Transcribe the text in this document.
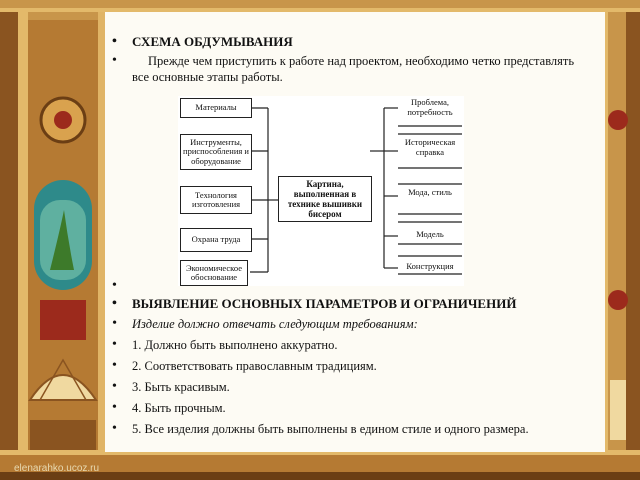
• СХЕМА ОБДУМЫВАНИЯ
• Прежде чем приступить к работе над проектом, необходимо четко представлять все основные этапы работы.
Материалы
Инструменты, приспособления и оборудование
Технология изготовления
Охрана труда
Экономическое обоснование
Картина, выполненная в технике вышивки бисером
Проблема, потребность
Историческая справка
Мода, стиль
Модель
Конструкция
•
• ВЫЯВЛЕНИЕ ОСНОВНЫХ ПАРАМЕТРОВ И ОГРАНИЧЕНИЙ
• Изделие должно отвечать следующим требованиям:
• 1. Должно быть выполнено аккуратно.
• 2. Соответствовать православным традициям.
• 3. Быть красивым.
• 4. Быть прочным.
• 5. Все изделия должны быть выполнены в едином стиле и одного размера.
elenarahko.ucoz.ru
